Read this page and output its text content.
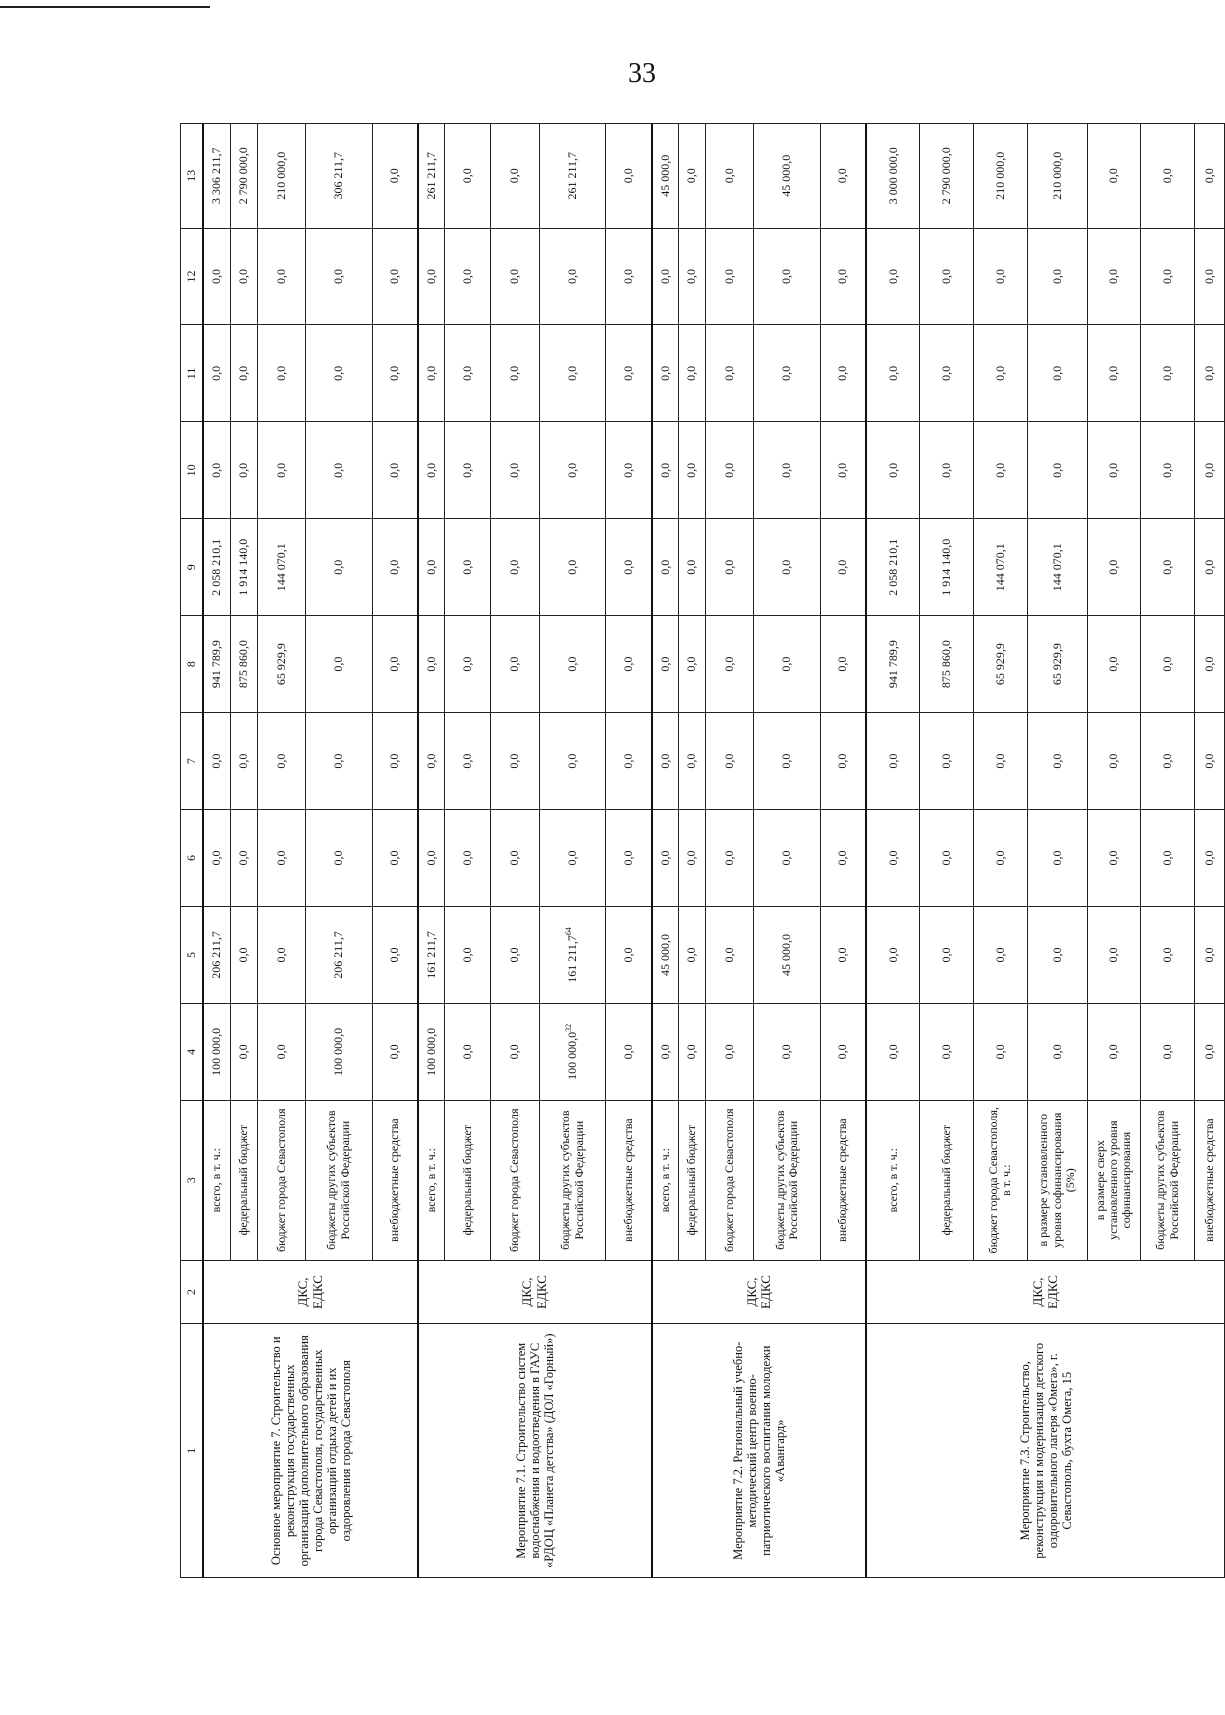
33
1	2	3	4	5	6	7	8	9	10	11	12	13
Основное мероприятие 7. Строительство и реконструкция государственных организаций дополнительного образования города Севастополя, государственных организаций отдыха детей и их оздоровления города Севастополя	ДКС, ЕДКС	всего, в т. ч.:	100 000,0	206 211,7	0,0	0,0	941 789,9	2 058 210,1	0,0	0,0	0,0	3 306 211,7
		федеральный бюджет	0,0	0,0	0,0	0,0	875 860,0	1 914 140,0	0,0	0,0	0,0	2 790 000,0
		бюджет города Севастополя	0,0	0,0	0,0	0,0	65 929,9	144 070,1	0,0	0,0	0,0	210 000,0
		бюджеты других субъектов Российской Федерации	100 000,0	206 211,7	0,0	0,0	0,0	0,0	0,0	0,0	0,0	306 211,7
		внебюджетные средства	0,0	0,0	0,0	0,0	0,0	0,0	0,0	0,0	0,0	0,0
Мероприятие 7.1. Строительство систем водоснабжения и водоотведения в ГАУС «РДОЦ «Планета детства» (ДОЛ «Горный»)	ДКС, ЕДКС	всего, в т. ч.:	100 000,0	161 211,7	0,0	0,0	0,0	0,0	0,0	0,0	0,0	261 211,7
		федеральный бюджет	0,0	0,0	0,0	0,0	0,0	0,0	0,0	0,0	0,0	0,0
		бюджет города Севастополя	0,0	0,0	0,0	0,0	0,0	0,0	0,0	0,0	0,0	0,0
		бюджеты других субъектов Российской Федерации	100 000,0$^{32}$	161 211,7$^{64}$	0,0	0,0	0,0	0,0	0,0	0,0	0,0	261 211,7
		внебюджетные средства	0,0	0,0	0,0	0,0	0,0	0,0	0,0	0,0	0,0	0,0
Мероприятие 7.2. Региональный учебно-методический центр военно-патриотического воспитания молодежи «Авангард»	ДКС, ЕДКС	всего, в т. ч.:	0,0	45 000,0	0,0	0,0	0,0	0,0	0,0	0,0	0,0	45 000,0
		федеральный бюджет	0,0	0,0	0,0	0,0	0,0	0,0	0,0	0,0	0,0	0,0
		бюджет города Севастополя	0,0	0,0	0,0	0,0	0,0	0,0	0,0	0,0	0,0	0,0
		бюджеты других субъектов Российской Федерации	0,0	45 000,0	0,0	0,0	0,0	0,0	0,0	0,0	0,0	45 000,0
		внебюджетные средства	0,0	0,0	0,0	0,0	0,0	0,0	0,0	0,0	0,0	0,0
Мероприятие 7.3. Строительство, реконструкция и модернизация детского оздоровительного лагеря «Омега», г. Севастополь, бухта Омега, 15	ДКС, ЕДКС	всего, в т. ч.:	0,0	0,0	0,0	0,0	941 789,9	2 058 210,1	0,0	0,0	0,0	3 000 000,0
		федеральный бюджет	0,0	0,0	0,0	0,0	875 860,0	1 914 140,0	0,0	0,0	0,0	2 790 000,0
		бюджет города Севастополя, в т. ч.:	0,0	0,0	0,0	0,0	65 929,9	144 070,1	0,0	0,0	0,0	210 000,0
		в размере установленного уровня софинансирования (5%)	0,0	0,0	0,0	0,0	65 929,9	144 070,1	0,0	0,0	0,0	210 000,0
		в размере сверх установленного уровня софинансирования	0,0	0,0	0,0	0,0	0,0	0,0	0,0	0,0	0,0	0,0
		бюджеты других субъектов Российской Федерации	0,0	0,0	0,0	0,0	0,0	0,0	0,0	0,0	0,0	0,0
		внебюджетные средства	0,0	0,0	0,0	0,0	0,0	0,0	0,0	0,0	0,0	0,0
